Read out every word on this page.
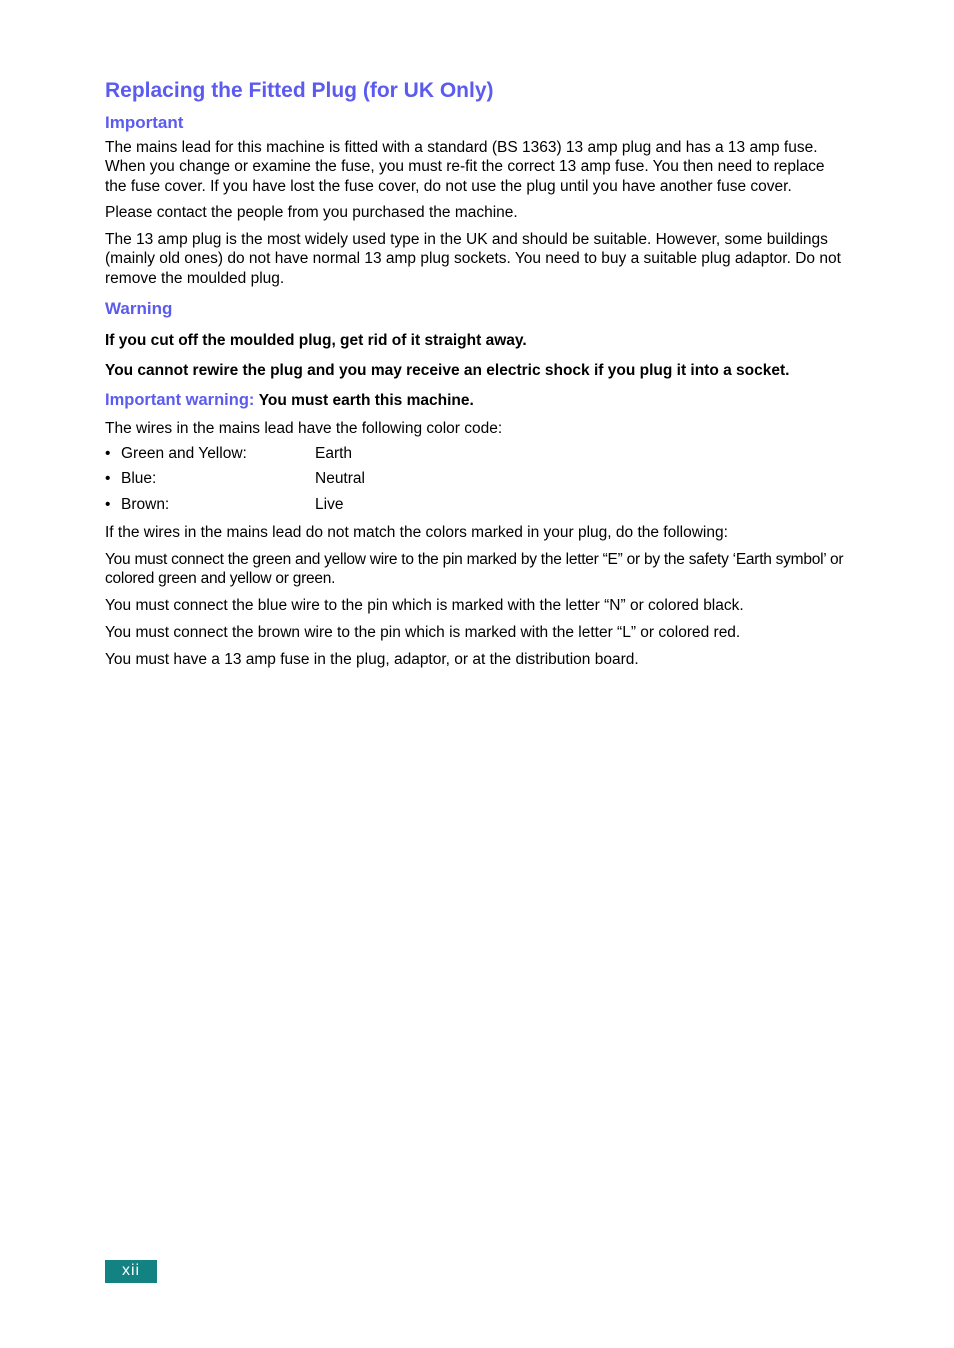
Replacing the Fitted Plug (for UK Only)
Important

The mains lead for this machine is fitted with a standard (BS 1363) 13 amp plug and has a 13 amp fuse. When you change or examine the fuse, you must re-fit the correct 13 amp fuse. You then need to replace the fuse cover. If you have lost the fuse cover, do not use the plug until you have another fuse cover.

Please contact the people from you purchased the machine.

The 13 amp plug is the most widely used type in the UK and should be suitable. However, some buildings (mainly old ones) do not have normal 13 amp plug sockets. You need to buy a suitable plug adaptor. Do not remove the moulded plug.

Warning

If you cut off the moulded plug, get rid of it straight away.

You cannot rewire the plug and you may receive an electric shock if you plug it into a socket.

Important warning: You must earth this machine.

The wires in the mains lead have the following color code:

• Green and Yellow:	Earth
• Blue:	Neutral
• Brown:	Live

If the wires in the mains lead do not match the colors marked in your plug, do the following:

You must connect the green and yellow wire to the pin marked by the letter “E” or by the safety ‘Earth symbol’ or colored green and yellow or green.

You must connect the blue wire to the pin which is marked with the letter “N” or colored black.

You must connect the brown wire to the pin which is marked with the letter “L” or colored red.

You must have a 13 amp fuse in the plug, adaptor, or at the distribution board.

xii
